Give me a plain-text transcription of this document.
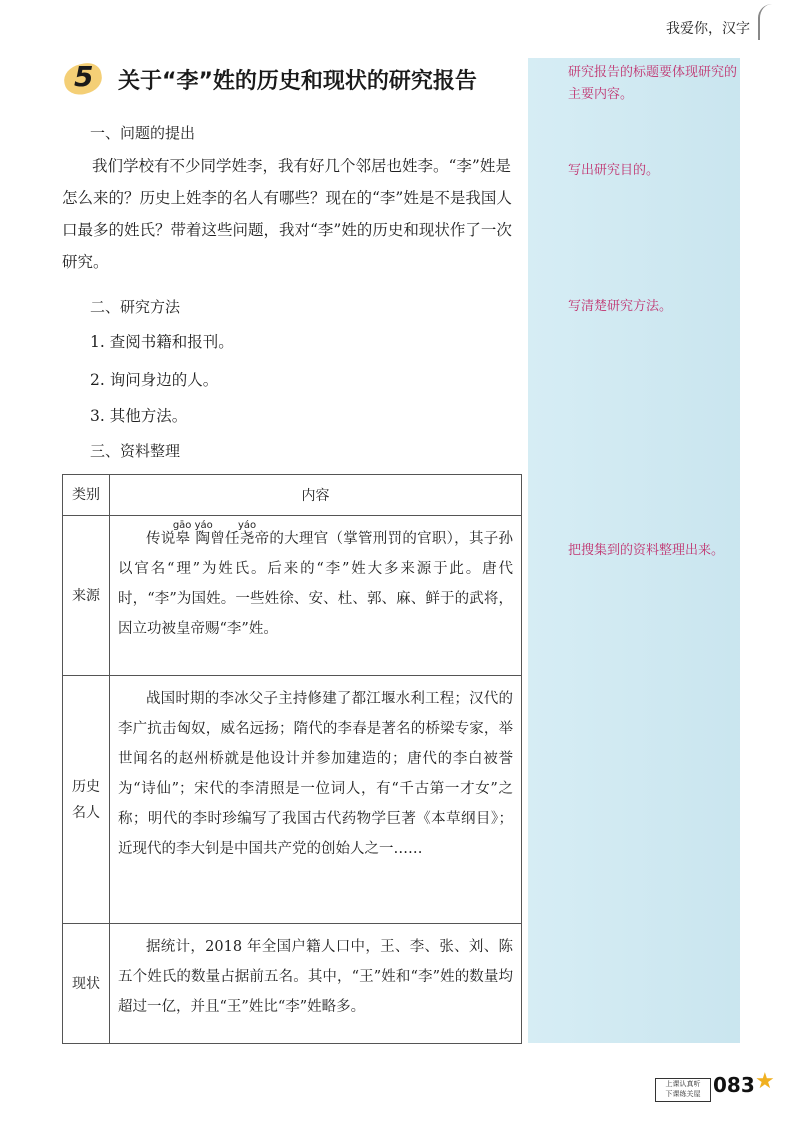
我爱你，汉字
5 关于“李”姓的历史和现状的研究报告
一、问题的提出
我们学校有不少同学姓李，我有好几个邻居也姓李。“李”姓是怎么来的？历史上姓李的名人有哪些？现在的“李”姓是不是我国人口最多的姓氏？带着这些问题，我对“李”姓的历史和现状作了一次研究。
二、研究方法
1. 查阅书籍和报刊。
2. 询问身边的人。
3. 其他方法。
三、资料整理
类别	内容
来源	传说皋陶gāo yáo曾任尧yáo帝的大理官（掌管刑罚的官职），其子孙以官名“理”为姓氏。后来的“李”姓大多来源于此。唐代时，“李”为国姓。一些姓徐、安、杜、郭、麻、鲜于的武将，因立功被皇帝赐“李”姓。
历史名人	战国时期的李冰父子主持修建了都江堰水利工程；汉代的李广抗击匈奴，威名远扬；隋代的李春是著名的桥梁专家，举世闻名的赵州桥就是他设计并参加建造的；唐代的李白被誉为“诗仙”；宋代的李清照是一位词人，有“千古第一才女”之称；明代的李时珍编写了我国古代药物学巨著《本草纲目》；近现代的李大钊是中国共产党的创始人之一……
现状	据统计，2018 年全国户籍人口中，王、李、张、刘、陈五个姓氏的数量占据前五名。其中，“王”姓和“李”姓的数量均超过一亿，并且“王”姓比“李”姓略多。
研究报告的标题要体现研究的主要内容。
写出研究目的。
写清楚研究方法。
把搜集到的资料整理出来。
上课认真听
下课练关屋 083 ★
